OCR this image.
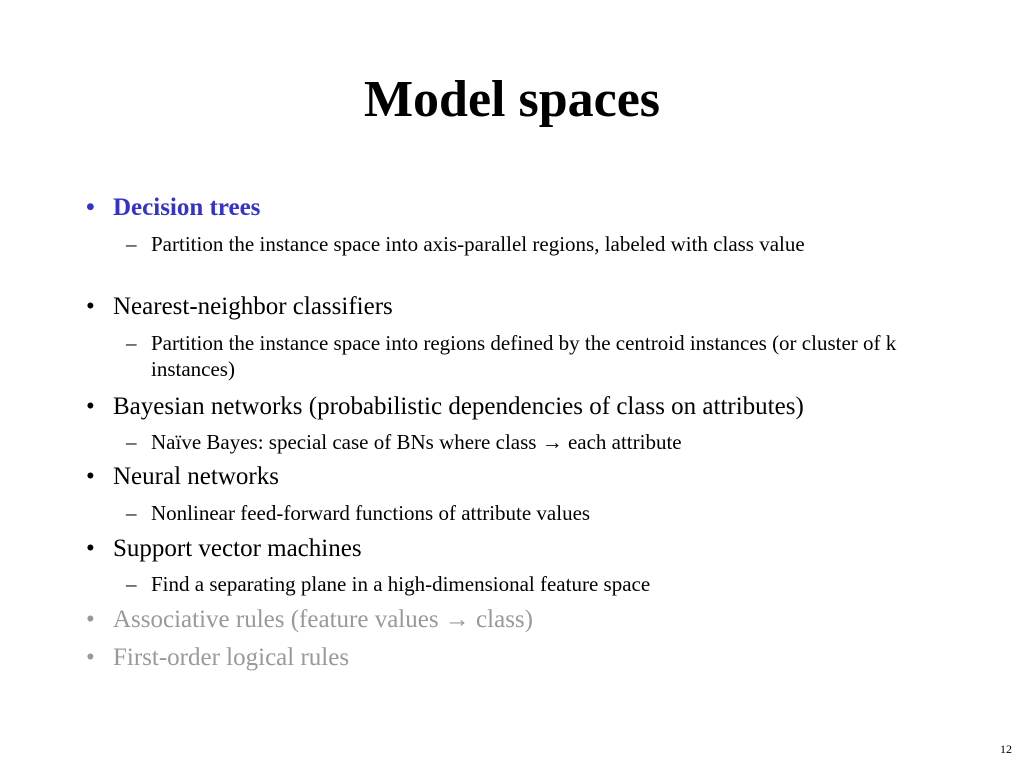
Model spaces
• Decision trees
– Partition the instance space into axis-parallel regions, labeled with class value
• Nearest-neighbor classifiers
– Partition the instance space into regions defined by the centroid instances (or cluster of k instances)
• Bayesian networks (probabilistic dependencies of class on attributes)
– Naïve Bayes: special case of BNs where class → each attribute
• Neural networks
– Nonlinear feed-forward functions of attribute values
• Support vector machines
– Find a separating plane in a high-dimensional feature space
• Associative rules (feature values → class)
• First-order logical rules
12
